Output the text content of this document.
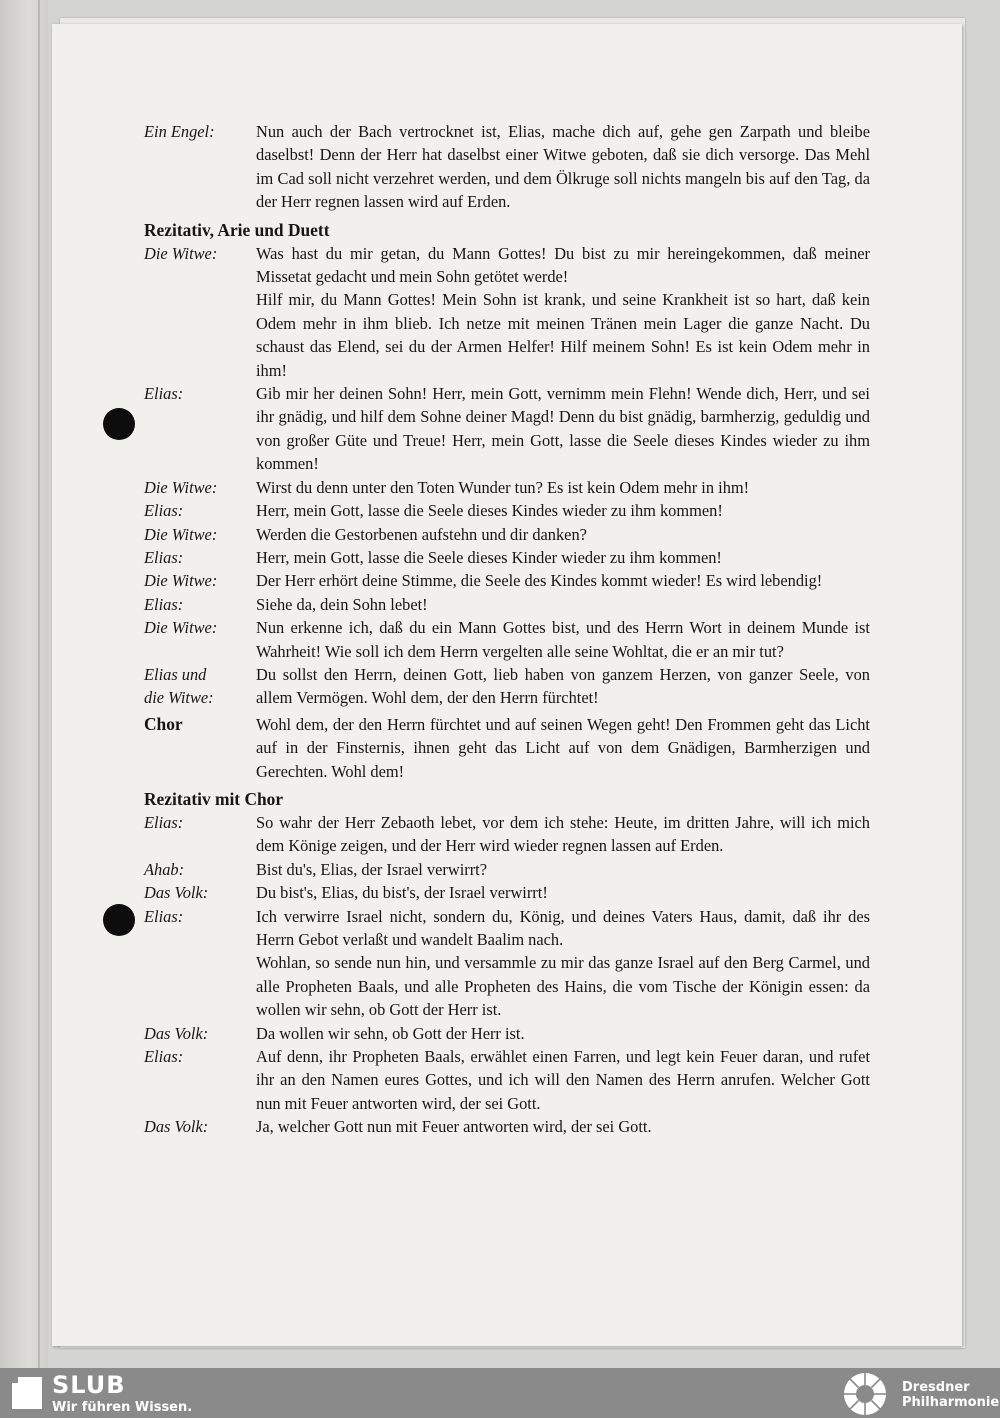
Ein Engel:	Nun auch der Bach vertrocknet ist, Elias, mache dich auf, gehe gen Zarpath und bleibe daselbst! Denn der Herr hat daselbst einer Witwe geboten, daß sie dich versorge. Das Mehl im Cad soll nicht verzehret werden, und dem Ölkruge soll nichts mangeln bis auf den Tag, da der Herr regnen lassen wird auf Erden.

Rezitativ, Arie und Duett
Die Witwe:	Was hast du mir getan, du Mann Gottes! Du bist zu mir hereingekommen, daß meiner Missetat gedacht und mein Sohn getötet werde!

Hilf mir, du Mann Gottes! Mein Sohn ist krank, und seine Krankheit ist so hart, daß kein Odem mehr in ihm blieb. Ich netze mit meinen Tränen mein Lager die ganze Nacht. Du schaust das Elend, sei du der Armen Helfer! Hilf meinem Sohn! Es ist kein Odem mehr in ihm!

Elias:	Gib mir her deinen Sohn! Herr, mein Gott, vernimm mein Flehn! Wende dich, Herr, und sei ihr gnädig, und hilf dem Sohne deiner Magd! Denn du bist gnädig, barmherzig, geduldig und von großer Güte und Treue! Herr, mein Gott, lasse die Seele dieses Kindes wieder zu ihm kommen!

Die Witwe:	Wirst du denn unter den Toten Wunder tun? Es ist kein Odem mehr in ihm!

Elias:	Herr, mein Gott, lasse die Seele dieses Kindes wieder zu ihm kommen!

Die Witwe:	Werden die Gestorbenen aufstehn und dir danken?

Elias:	Herr, mein Gott, lasse die Seele dieses Kinder wieder zu ihm kommen!

Die Witwe:	Der Herr erhört deine Stimme, die Seele des Kindes kommt wieder! Es wird lebendig!

Elias:	Siehe da, dein Sohn lebet!

Die Witwe:	Nun erkenne ich, daß du ein Mann Gottes bist, und des Herrn Wort in deinem Munde ist Wahrheit! Wie soll ich dem Herrn vergelten alle seine Wohltat, die er an mir tut?

Elias und
die Witwe:

Du sollst den Herrn, deinen Gott, lieb haben von ganzem Herzen, von ganzer Seele, von allem Vermögen. Wohl dem, der den Herrn fürchtet!

Chor	Wohl dem, der den Herrn fürchtet und auf seinen Wegen geht! Den Frommen geht das Licht auf in der Finsternis, ihnen geht das Licht auf von dem Gnädigen, Barmherzigen und Gerechten. Wohl dem!

Rezitativ mit Chor
Elias:	So wahr der Herr Zebaoth lebet, vor dem ich stehe: Heute, im dritten Jahre, will ich mich dem Könige zeigen, und der Herr wird wieder regnen lassen auf Erden.

Ahab:	Bist du's, Elias, der Israel verwirrt?

Das Volk:	Du bist's, Elias, du bist's, der Israel verwirrt!

Elias:	Ich verwirre Israel nicht, sondern du, König, und deines Vaters Haus, damit, daß ihr des Herrn Gebot verlaßt und wandelt Baalim nach.

Wohlan, so sende nun hin, und versammle zu mir das ganze Israel auf den Berg Carmel, und alle Propheten Baals, und alle Propheten des Hains, die vom Tische der Königin essen: da wollen wir sehn, ob Gott der Herr ist.

Das Volk:	Da wollen wir sehn, ob Gott der Herr ist.

Elias:	Auf denn, ihr Propheten Baals, erwählet einen Farren, und legt kein Feuer daran, und rufet ihr an den Namen eures Gottes, und ich will den Namen des Herrn anrufen. Welcher Gott nun mit Feuer antworten wird, der sei Gott.

Das Volk:	Ja, welcher Gott nun mit Feuer antworten wird, der sei Gott.

SLUB
Wir führen Wissen.
Dresdner
Philharmonie
